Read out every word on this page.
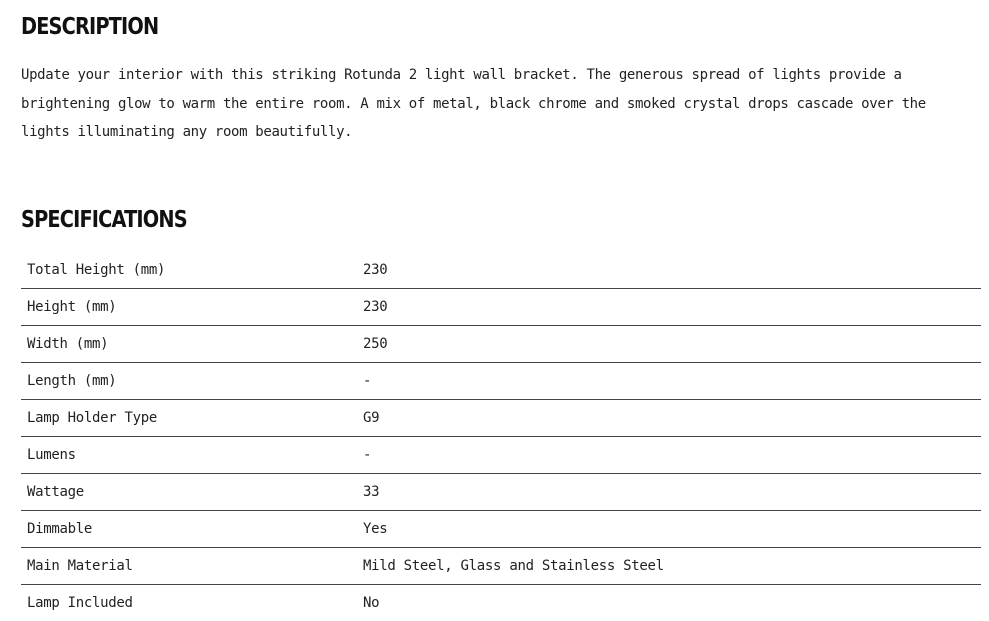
DESCRIPTION

Update your interior with this striking Rotunda 2 light wall bracket. The generous spread of lights provide a brightening glow to warm the entire room. A mix of metal, black chrome and smoked crystal drops cascade over the lights illuminating any room beautifully.

SPECIFICATIONS
Total Height (mm)	230
Height (mm)	230
Width (mm)	250
Length (mm)	-
Lamp Holder Type	G9
Lumens	-
Wattage	33
Dimmable	Yes
Main Material	Mild Steel, Glass and Stainless Steel
Lamp Included	No
